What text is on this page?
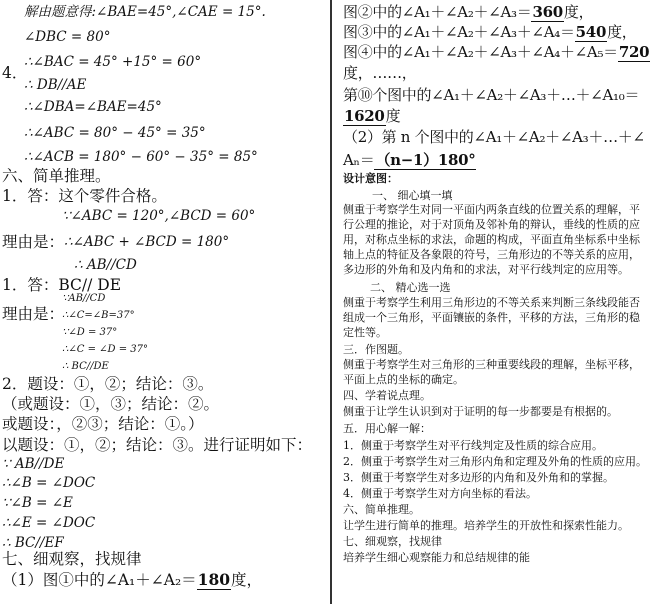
解由题意得:∠BAE=45°,∠CAE = 15°.
∠DBC = 80°
4．
∴∠BAC = 45° +15° = 60°
∴ DB//AE
∴∠DBA=∠BAE=45°
∴∠ABC = 80° − 45° = 35°
∴∠ACB = 180° − 60° − 35° = 85°
六、简单推理。
1．答：这个零件合格。
∵∠ABC = 120°,∠BCD = 60°
理由是： ∴∠ABC + ∠BCD = 180°
∴ AB//CD
1．答：BC// DE
理由是：
∵AB//CD
∴∠C=∠B=37°
∵∠D = 37°
∴∠C = ∠D = 37°
∴ BC//DE
2．题设：①，②；结论：③。
（或题设：①，③；结论：②。
或题设：，②③；结论：①。）
以题设：①，②；结论：③。进行证明如下：
∵ AB//DE
∴∠B = ∠DOC
∵∠B = ∠E
∴∠E = ∠DOC
∴ BC//EF
七、细观察，找规律
（1）图①中的∠A₁＋∠A₂＝180度，
图②中的∠A₁＋∠A₂＋∠A₃＝360度，
图③中的∠A₁＋∠A₂＋∠A₃＋∠A₄＝540度，
图④中的∠A₁＋∠A₂＋∠A₃＋∠A₄＋∠A₅＝720
度，……，
第⑩个图中的∠A₁＋∠A₂＋∠A₃＋…＋∠A₁₀＝
1620度
（2）第 n 个图中的∠A₁＋∠A₂＋∠A₃＋…＋∠
Aₙ＝（n−1）180°
设计意图：
一、 细心填一填
侧重于考察学生对同一平面内两条直线的位置关系的理解，平
行公理的推论，对于对顶角及邻补角的辩认，垂线的性质的应
用，对称点坐标的求法，命题的构成，平面直角坐标系中坐标
轴上点的特征及各象限的符号，三角形边的不等关系的应用，
多边形的外角和及内角和的求法，对平行线判定的应用等。
二、 精心选一选
侧重于考察学生利用三角形边的不等关系来判断三条线段能否
组成一个三角形，平面镶嵌的条件，平移的方法，三角形的稳
定性等。
三．作图题。
侧重于考察学生对三角形的三种重要线段的理解，坐标平移，
平面上点的坐标的确定。
四、学着说点理。
侧重于让学生认识到对于证明的每一步都要是有根据的。
五．用心解一解：
1．侧重于考察学生对平行线判定及性质的综合应用。
2．侧重于考察学生对三角形内角和定理及外角的性质的应用。
3．侧重于考察学生对多边形的内角和及外角和的掌握。
4．侧重于考察学生对方向坐标的看法。
六、简单推理。
让学生进行简单的推理。培养学生的开放性和探索性能力。
七、细观察，找规律
培养学生细心观察能力和总结规律的能
